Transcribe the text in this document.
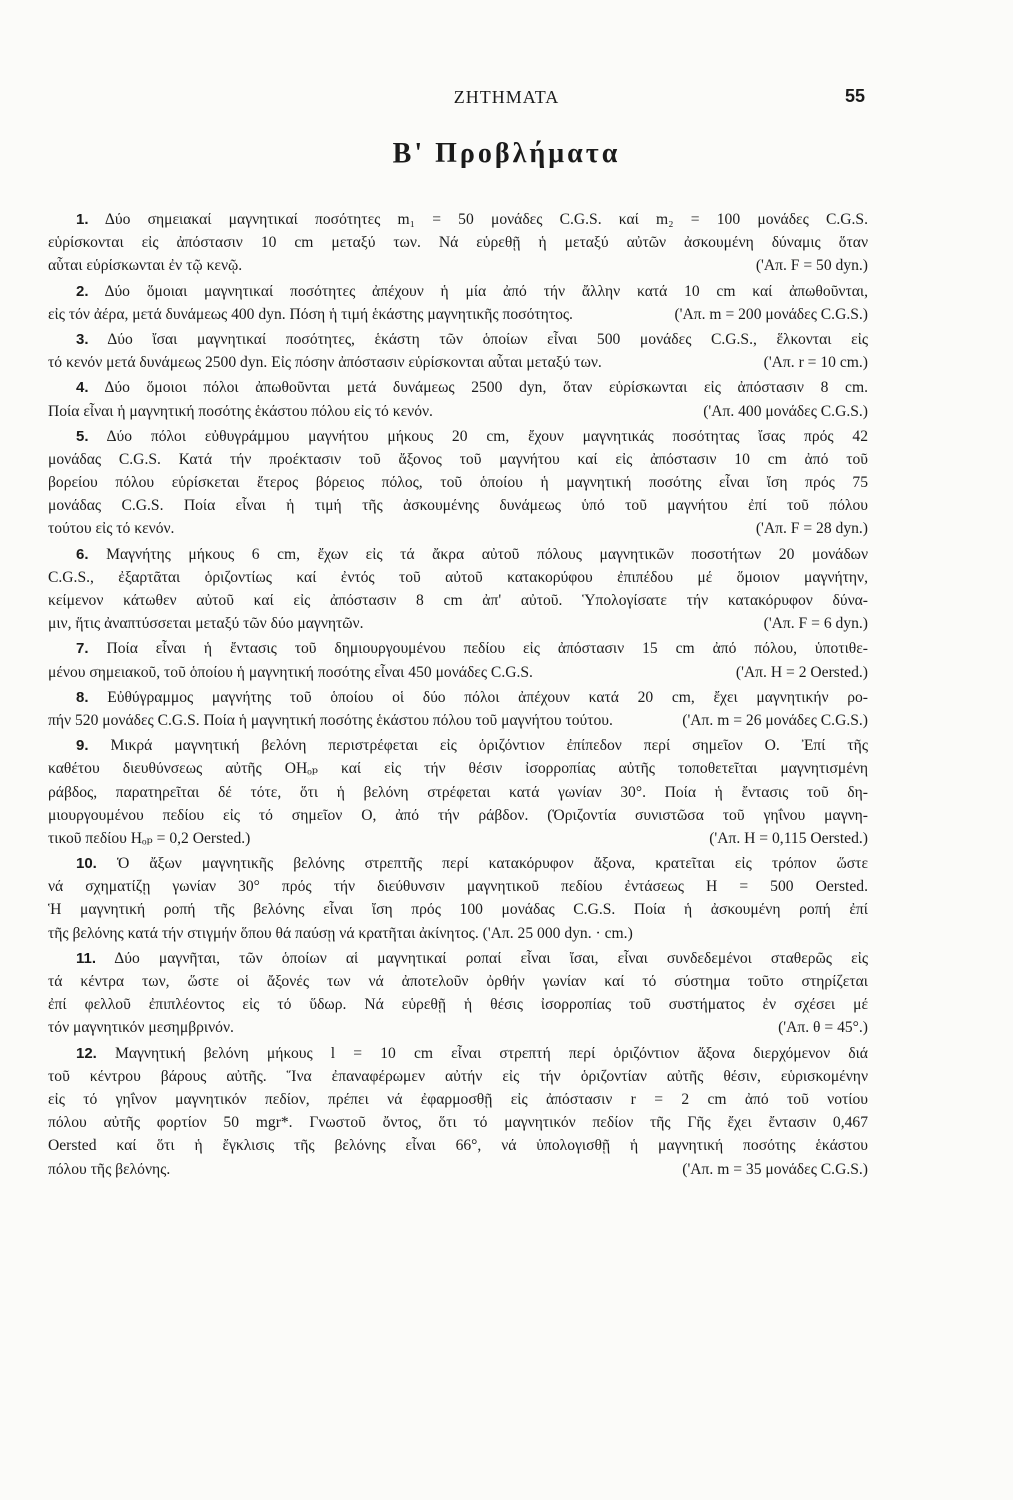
ΖΗΤΗΜΑΤΑ	55
Β' Προβλήματα
1. Δύο σημειακαί μαγνητικαί ποσότητες m₁ = 50 μονάδες C.G.S. καί m₂ = 100 μονάδες C.G.S.
εὑρίσκονται εἰς ἀπόστασιν 10 cm μεταξύ των. Νά εὑρεθῇ ἡ μεταξύ αὐτῶν ἀσκουμένη δύναμις ὅταν
αὗται εὑρίσκωνται ἐν τῷ κενῷ.	('Απ. F = 50 dyn.)
2. Δύο ὅμοιαι μαγνητικαί ποσότητες ἀπέχουν ἡ μία ἀπό τήν ἄλλην κατά 10 cm καί ἀπωθοῦνται,
εἰς τόν ἀέρα, μετά δυνάμεως 400 dyn. Πόση ἡ τιμή ἑκάστης μαγνητικῆς ποσότητος.	('Απ. m = 200 μονάδες C.G.S.)
3. Δύο ἴσαι μαγνητικαί ποσότητες, ἑκάστη τῶν ὁποίων εἶναι 500 μονάδες C.G.S., ἕλκονται εἰς
τό κενόν μετά δυνάμεως 2500 dyn. Εἰς πόσην ἀπόστασιν εὑρίσκονται αὗται μεταξύ των.	('Απ. r = 10 cm.)
4. Δύο ὅμοιοι πόλοι ἀπωθοῦνται μετά δυνάμεως 2500 dyn, ὅταν εὑρίσκωνται εἰς ἀπόστασιν 8 cm.
Ποία εἶναι ἡ μαγνητική ποσότης ἑκάστου πόλου εἰς τό κενόν.	('Απ. 400 μονάδες C.G.S.)
5. Δύο πόλοι εὐθυγράμμου μαγνήτου μήκους 20 cm, ἔχουν μαγνητικάς ποσότητας ἴσας πρός 42
μονάδας C.G.S. Κατά τήν προέκτασιν τοῦ ἄξονος τοῦ μαγνήτου καί εἰς ἀπόστασιν 10 cm ἀπό τοῦ
βορείου πόλου εὑρίσκεται ἕτερος βόρειος πόλος, τοῦ ὁποίου ἡ μαγνητική ποσότης εἶναι ἴση πρός 75
μονάδας C.G.S. Ποία εἶναι ἡ τιμή τῆς ἀσκουμένης δυνάμεως ὑπό τοῦ μαγνήτου ἐπί τοῦ πόλου
τούτου εἰς τό κενόν.	('Απ. F = 28 dyn.)
6. Μαγνήτης μήκους 6 cm, ἔχων εἰς τά ἄκρα αὐτοῦ πόλους μαγνητικῶν ποσοτήτων 20 μονάδων
C.G.S., ἐξαρτᾶται ὁριζοντίως καί ἐντός τοῦ αὐτοῦ κατακορύφου ἐπιπέδου μέ ὅμοιον μαγνήτην,
κείμενον κάτωθεν αὐτοῦ καί εἰς ἀπόστασιν 8 cm ἀπ' αὐτοῦ. Ὑπολογίσατε τήν κατακόρυφον δύνα-
μιν, ἥτις ἀναπτύσσεται μεταξύ τῶν δύο μαγνητῶν.	('Απ. F = 6 dyn.)
7. Ποία εἶναι ἡ ἔντασις τοῦ δημιουργουμένου πεδίου εἰς ἀπόστασιν 15 cm ἀπό πόλου, ὑποτιθε-
μένου σημειακοῦ, τοῦ ὁποίου ἡ μαγνητική ποσότης εἶναι 450 μονάδες C.G.S.	('Απ. H = 2 Oersted.)
8. Εὐθύγραμμος μαγνήτης τοῦ ὁποίου οἱ δύο πόλοι ἀπέχουν κατά 20 cm, ἔχει μαγνητικήν ρο-
πήν 520 μονάδες C.G.S. Ποία ἡ μαγνητική ποσότης ἑκάστου πόλου τοῦ μαγνήτου τούτου.	('Απ. m = 26 μονάδες C.G.S.)
9. Μικρά μαγνητική βελόνη περιστρέφεται εἰς ὁριζόντιον ἐπίπεδον περί σημεῖον O. Ἐπί τῆς
καθέτου διευθύνσεως αὐτῆς OHₒₚ καί εἰς τήν θέσιν ἰσορροπίας αὐτῆς τοποθετεῖται μαγνητισμένη
ράβδος, παρατηρεῖται δέ τότε, ὅτι ἡ βελόνη στρέφεται κατά γωνίαν 30°. Ποία ἡ ἔντασις τοῦ δη-
μιουργουμένου πεδίου εἰς τό σημεῖον O, ἀπό τήν ράβδον. (Ὁριζοντία συνιστῶσα τοῦ γηΐνου μαγνη-
τικοῦ πεδίου Hₒₚ = 0,2 Oersted.)	('Απ. H = 0,115 Oersted.)
10. Ὁ ἄξων μαγνητικῆς βελόνης στρεπτῆς περί κατακόρυφον ἄξονα, κρατεῖται εἰς τρόπον ὥστε
νά σχηματίζῃ γωνίαν 30° πρός τήν διεύθυνσιν μαγνητικοῦ πεδίου ἐντάσεως H = 500 Oersted.
Ἡ μαγνητική ροπή τῆς βελόνης εἶναι ἴση πρός 100 μονάδας C.G.S. Ποία ἡ ἀσκουμένη ροπή ἐπί
τῆς βελόνης κατά τήν στιγμήν ὅπου θά παύσῃ νά κρατῆται ἀκίνητος. ('Απ. 25 000 dyn. · cm.)
11. Δύο μαγνῆται, τῶν ὁποίων αἱ μαγνητικαί ροπαί εἶναι ἴσαι, εἶναι συνδεδεμένοι σταθερῶς εἰς
τά κέντρα των, ὥστε οἱ ἄξονές των νά ἀποτελοῦν ὀρθήν γωνίαν καί τό σύστημα τοῦτο στηρίζεται
ἐπί φελλοῦ ἐπιπλέοντος εἰς τό ὕδωρ. Νά εὑρεθῇ ἡ θέσις ἰσορροπίας τοῦ συστήματος ἐν σχέσει μέ
τόν μαγνητικόν μεσημβρινόν.	('Απ. θ = 45°.)
12. Μαγνητική βελόνη μήκους l = 10 cm εἶναι στρεπτή περί ὁριζόντιον ἄξονα διερχόμενον διά
τοῦ κέντρου βάρους αὐτῆς. Ἵνα ἐπαναφέρωμεν αὐτήν εἰς τήν ὁριζοντίαν αὐτῆς θέσιν, εὑρισκομένην
εἰς τό γηΐνον μαγνητικόν πεδίον, πρέπει νά ἐφαρμοσθῇ εἰς ἀπόστασιν r = 2 cm ἀπό τοῦ νοτίου
πόλου αὐτῆς φορτίον 50 mgr*. Γνωστοῦ ὄντος, ὅτι τό μαγνητικόν πεδίον τῆς Γῆς ἔχει ἔντασιν 0,467
Oersted καί ὅτι ἡ ἔγκλισις τῆς βελόνης εἶναι 66°, νά ὑπολογισθῇ ἡ μαγνητική ποσότης ἑκάστου
πόλου τῆς βελόνης.	('Απ. m = 35 μονάδες C.G.S.)
